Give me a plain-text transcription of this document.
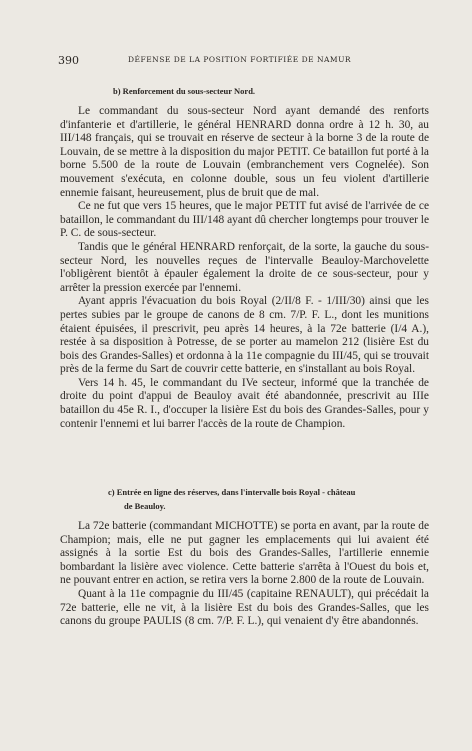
390	DÉFENSE DE LA POSITION FORTIFIÉE DE NAMUR
b) Renforcement du sous-secteur Nord.

Le commandant du sous-secteur Nord ayant demandé des renforts d'infanterie et d'artillerie, le général HENRARD donna ordre à 12 h. 30, au III/148 français, qui se trouvait en réserve de secteur à la borne 3 de la route de Louvain, de se mettre à la disposition du major PETIT. Ce bataillon fut porté à la borne 5.500 de la route de Louvain (embranchement vers Cognelée). Son mouvement s'exécuta, en colonne double, sous un feu violent d'artillerie ennemie faisant, heureusement, plus de bruit que de mal.

Ce ne fut que vers 15 heures, que le major PETIT fut avisé de l'arrivée de ce bataillon, le commandant du III/148 ayant dû chercher longtemps pour trouver le P. C. de sous-secteur.

Tandis que le général HENRARD renforçait, de la sorte, la gauche du sous-secteur Nord, les nouvelles reçues de l'intervalle Beauloy-Marchovelette l'obligèrent bientôt à épauler également la droite de ce sous-secteur, pour y arrêter la pression exercée par l'ennemi.

Ayant appris l'évacuation du bois Royal (2/II/8 F. - 1/III/30) ainsi que les pertes subies par le groupe de canons de 8 cm. 7/P. F. L., dont les munitions étaient épuisées, il prescrivit, peu après 14 heures, à la 72e batterie (I/4 A.), restée à sa disposition à Potresse, de se porter au mamelon 212 (lisière Est du bois des Grandes-Salles) et ordonna à la 11e compagnie du III/45, qui se trouvait près de la ferme du Sart de couvrir cette batterie, en s'installant au bois Royal.

Vers 14 h. 45, le commandant du IVe secteur, informé que la tranchée de droite du point d'appui de Beauloy avait été abandonnée, prescrivit au IIIe bataillon du 45e R. I., d'occuper la lisière Est du bois des Grandes-Salles, pour y contenir l'ennemi et lui barrer l'accès de la route de Champion.

c) Entrée en ligne des réserves, dans l'intervalle bois Royal - château
de Beauloy.

La 72e batterie (commandant MICHOTTE) se porta en avant, par la route de Champion; mais, elle ne put gagner les emplacements qui lui avaient été assignés à la sortie Est du bois des Grandes-Salles, l'artillerie ennemie bombardant la lisière avec violence. Cette batterie s'arrêta à l'Ouest du bois et, ne pouvant entrer en action, se retira vers la borne 2.800 de la route de Louvain.

Quant à la 11e compagnie du III/45 (capitaine RENAULT), qui précédait la 72e batterie, elle ne vit, à la lisière Est du bois des Grandes-Salles, que les canons du groupe PAULIS (8 cm. 7/P. F. L.), qui venaient d'y être abandonnés.
